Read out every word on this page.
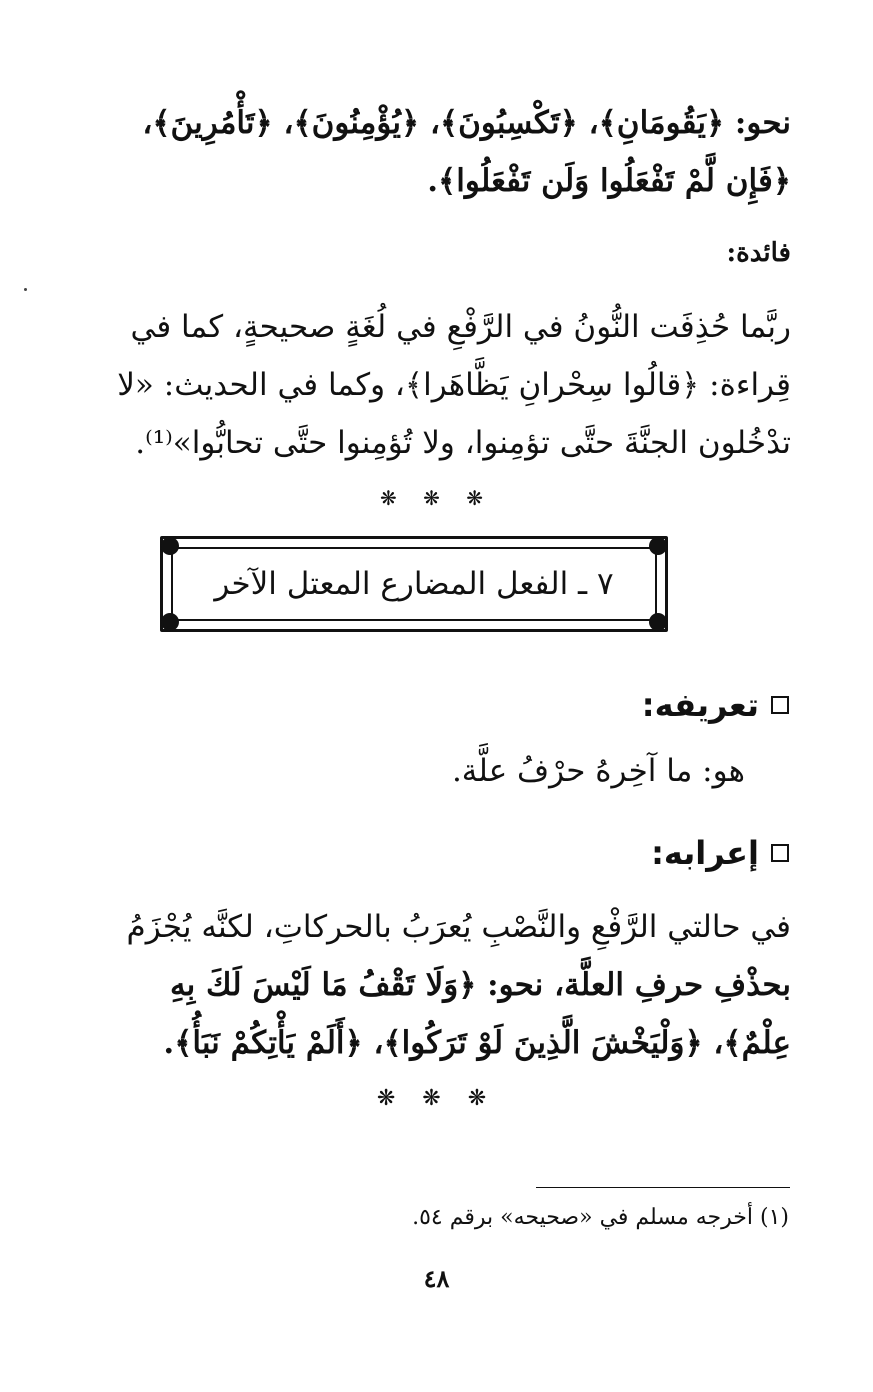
نحو: ﴿يَقُومَانِ﴾، ﴿تَكْسِبُونَ﴾، ﴿يُؤْمِنُونَ﴾، ﴿تَأْمُرِينَ﴾،
﴿فَإِن لَّمْ تَفْعَلُوا وَلَن تَفْعَلُوا﴾.
فائدة:
ربَّما حُذِفَت النُّونُ في الرَّفْعِ في لُغَةٍ صحيحةٍ، كما في
قِراءة: ﴿قالُوا سِحْرانِ يَظَّاهَرا﴾، وكما في الحديث: «لا
تدْخُلون الجنَّةَ حتَّى تؤمِنوا، ولا تُؤمِنوا حتَّى تحابُّوا»⁽¹⁾.
❋ ❋ ❋
٧ ـ الفعل المضارع المعتل الآخر
تعريفه:
هو: ما آخِرهُ حرْفُ علَّة.
إعرابه:
في حالتي الرَّفْعِ والنَّصْبِ يُعرَبُ بالحركاتِ، لكنَّه يُجْزَمُ
بحذْفِ حرفِ العلَّة، نحو: ﴿وَلَا تَقْفُ مَا لَيْسَ لَكَ بِهِ
عِلْمٌ﴾، ﴿وَلْيَخْشَ الَّذِينَ لَوْ تَرَكُوا﴾، ﴿أَلَمْ يَأْتِكُمْ نَبَأُ﴾.
❋ ❋ ❋
(١) أخرجه مسلم في «صحيحه» برقم ٥٤.
٤٨
